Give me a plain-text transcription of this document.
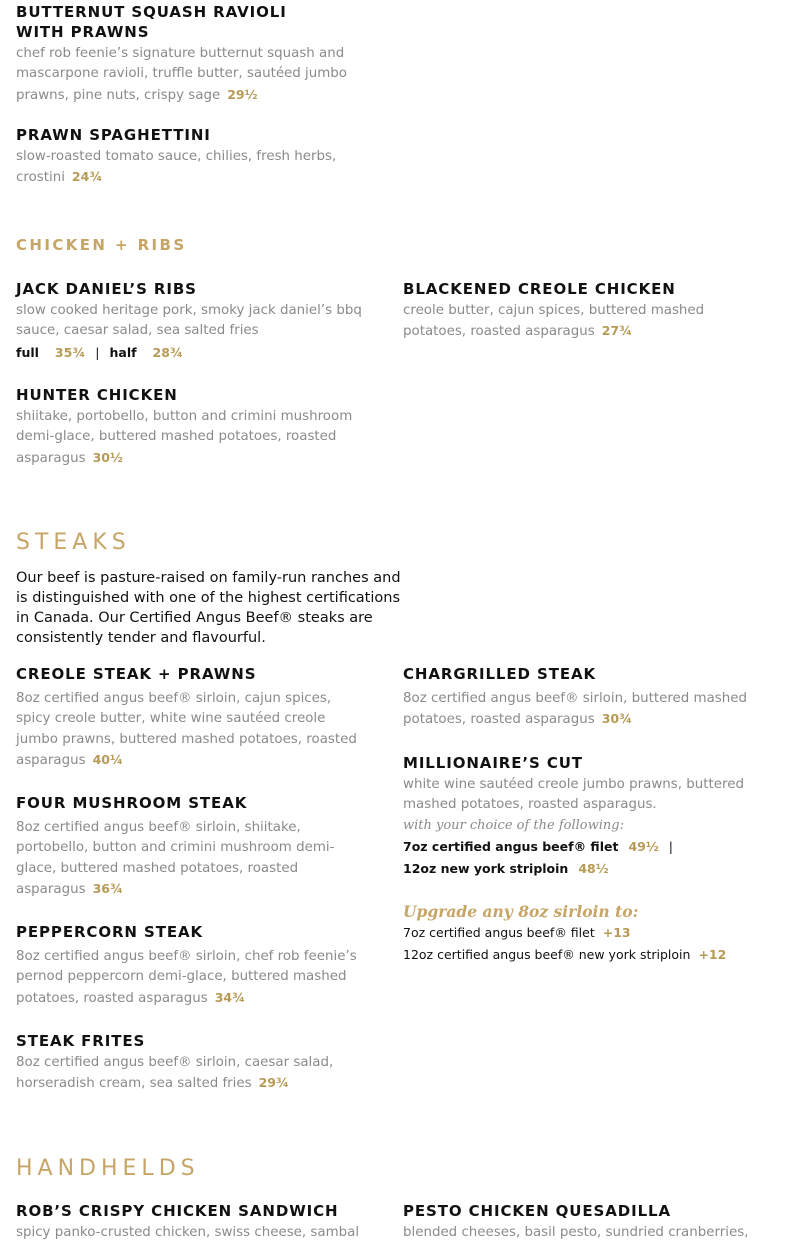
BUTTERNUT SQUASH RAVIOLI
WITH PRAWNS
chef rob feenie’s signature butternut squash and
mascarpone ravioli, truffle butter, sautéed jumbo
prawns, pine nuts, crispy sage 29½
PRAWN SPAGHETTINI
slow-roasted tomato sauce, chilies, fresh herbs,
crostini 24¾
CHICKEN + RIBS
JACK DANIEL’S RIBS
slow cooked heritage pork, smoky jack daniel’s bbq
sauce, caesar salad, sea salted fries
full 35¾ | half 28¾
BLACKENED CREOLE CHICKEN
creole butter, cajun spices, buttered mashed
potatoes, roasted asparagus 27¾
HUNTER CHICKEN
shiitake, portobello, button and crimini mushroom
demi-glace, buttered mashed potatoes, roasted
asparagus 30½
STEAKS
Our beef is pasture-raised on family-run ranches and
is distinguished with one of the highest certifications
in Canada. Our Certified Angus Beef® steaks are
consistently tender and flavourful.
CREOLE STEAK + PRAWNS
8oz certified angus beef® sirloin, cajun spices,
spicy creole butter, white wine sautéed creole
jumbo prawns, buttered mashed potatoes, roasted
asparagus 40¼
CHARGRILLED STEAK
8oz certified angus beef® sirloin, buttered mashed
potatoes, roasted asparagus 30¾
MILLIONAIRE’S CUT
white wine sautéed creole jumbo prawns, buttered
mashed potatoes, roasted asparagus.
with your choice of the following:
7oz certified angus beef® filet 49½ |
12oz new york striploin 48½
FOUR MUSHROOM STEAK
8oz certified angus beef® sirloin, shiitake,
portobello, button and crimini mushroom demi-
glace, buttered mashed potatoes, roasted
asparagus 36¾
Upgrade any 8oz sirloin to:
7oz certified angus beef® filet +13
12oz certified angus beef® new york striploin +12
PEPPERCORN STEAK
8oz certified angus beef® sirloin, chef rob feenie’s
pernod peppercorn demi-glace, buttered mashed
potatoes, roasted asparagus 34¾
STEAK FRITES
8oz certified angus beef® sirloin, caesar salad,
horseradish cream, sea salted fries 29¾
HANDHELDS
ROB’S CRISPY CHICKEN SANDWICH
spicy panko-crusted chicken, swiss cheese, sambal
PESTO CHICKEN QUESADILLA
blended cheeses, basil pesto, sundried cranberries,
